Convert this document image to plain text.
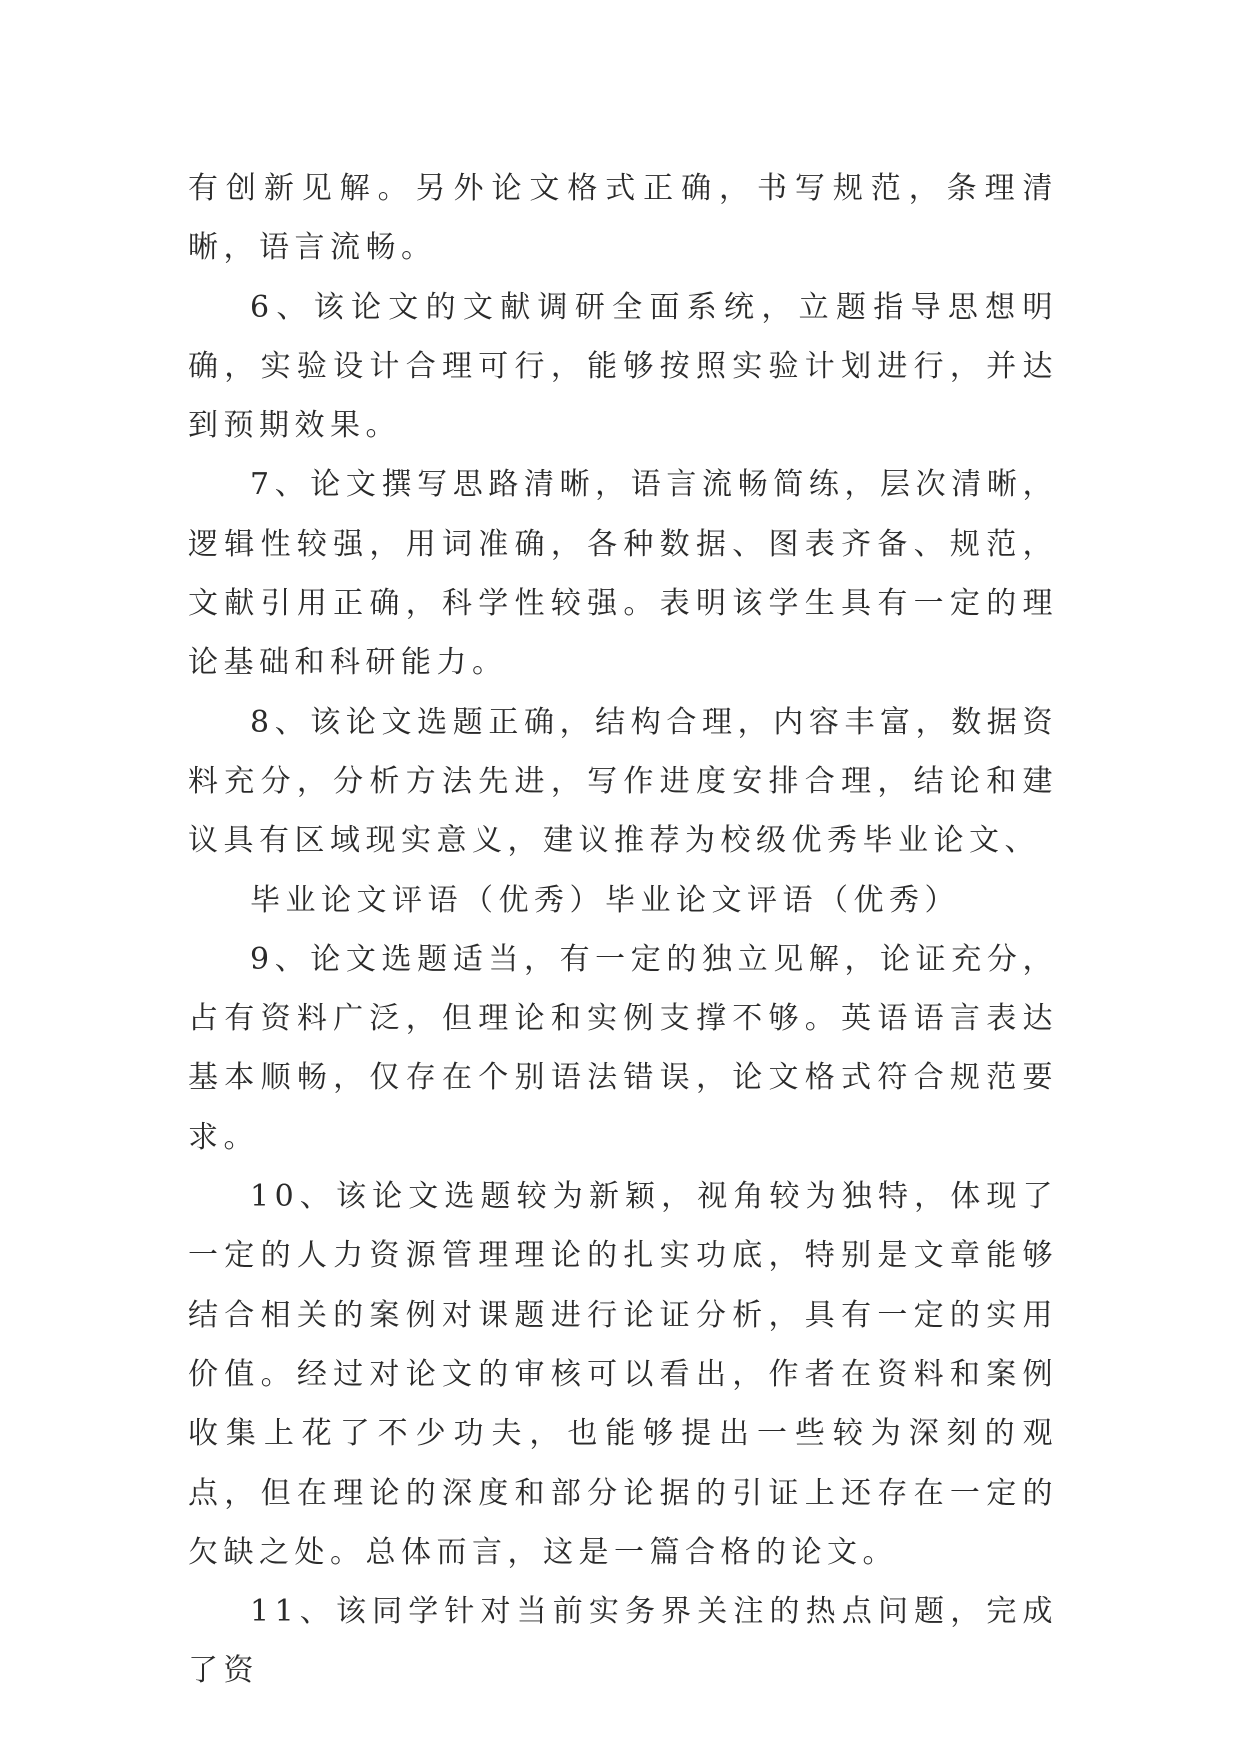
有创新见解。另外论文格式正确，书写规范，条理清晰，语言流畅。

6、该论文的文献调研全面系统，立题指导思想明确，实验设计合理可行，能够按照实验计划进行，并达到预期效果。

7、论文撰写思路清晰，语言流畅简练，层次清晰，逻辑性较强，用词准确，各种数据、图表齐备、规范，文献引用正确，科学性较强。表明该学生具有一定的理论基础和科研能力。

8、该论文选题正确，结构合理，内容丰富，数据资料充分，分析方法先进，写作进度安排合理，结论和建议具有区域现实意义，建议推荐为校级优秀毕业论文、

毕业论文评语（优秀）毕业论文评语（优秀）

9、论文选题适当，有一定的独立见解，论证充分，占有资料广泛，但理论和实例支撑不够。英语语言表达基本顺畅，仅存在个别语法错误，论文格式符合规范要求。

10、该论文选题较为新颖，视角较为独特，体现了一定的人力资源管理理论的扎实功底，特别是文章能够结合相关的案例对课题进行论证分析，具有一定的实用价值。经过对论文的审核可以看出，作者在资料和案例收集上花了不少功夫，也能够提出一些较为深刻的观点，但在理论的深度和部分论据的引证上还存在一定的欠缺之处。总体而言，这是一篇合格的论文。

11、该同学针对当前实务界关注的热点问题，完成了资
